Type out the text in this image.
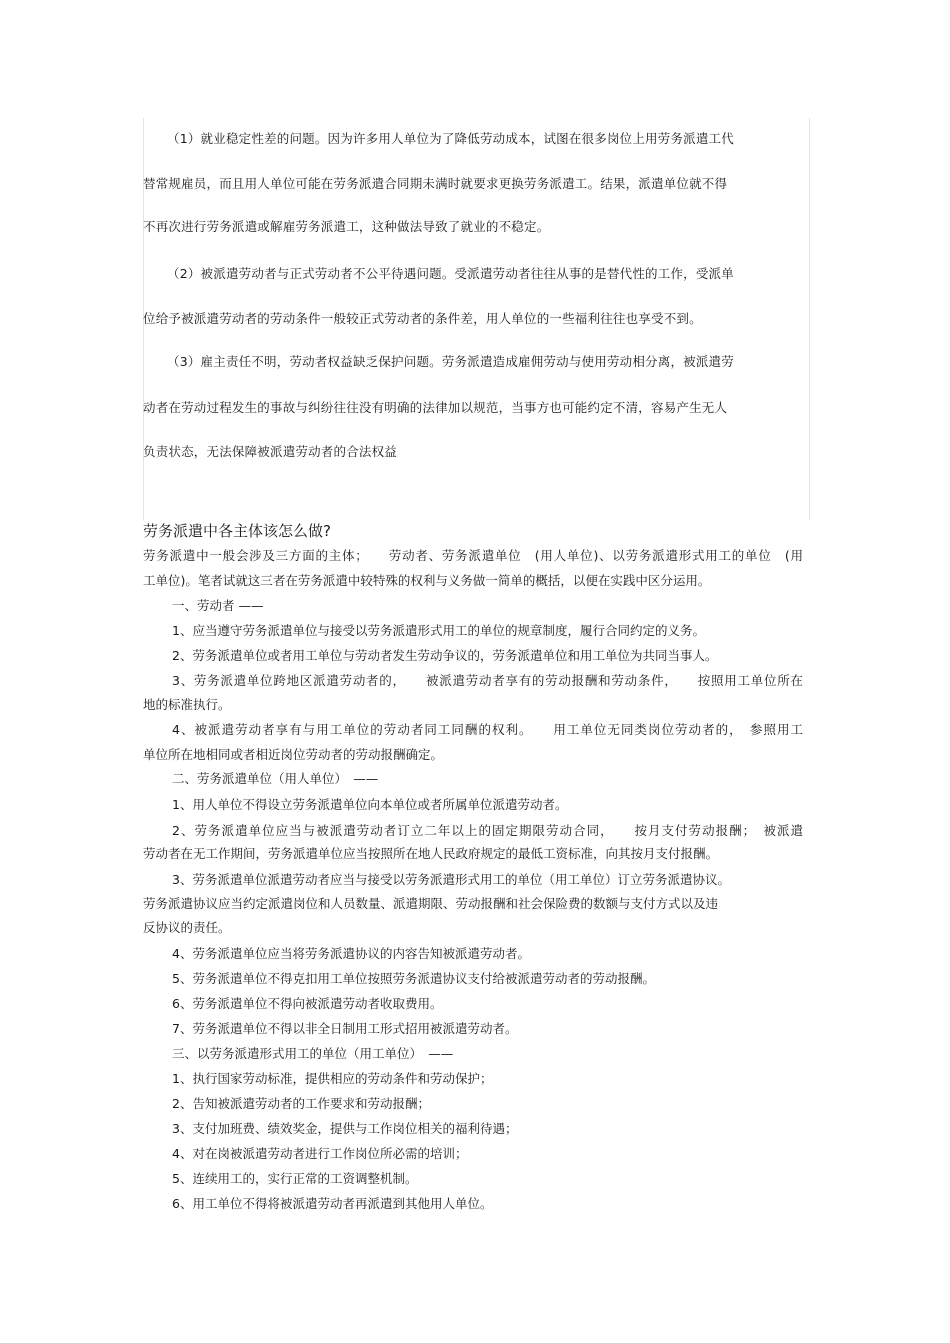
（1）就业稳定性差的问题。因为许多用人单位为了降低劳动成本，试图在很多岗位上用劳务派遣工代
替常规雇员，而且用人单位可能在劳务派遣合同期未满时就要求更换劳务派遣工。结果，派遣单位就不得
不再次进行劳务派遣或解雇劳务派遣工，这种做法导致了就业的不稳定。
（2）被派遣劳动者与正式劳动者不公平待遇问题。受派遣劳动者往往从事的是替代性的工作，受派单
位给予被派遣劳动者的劳动条件一般较正式劳动者的条件差，用人单位的一些福利往往也享受不到。
（3）雇主责任不明，劳动者权益缺乏保护问题。劳务派遣造成雇佣劳动与使用劳动相分离，被派遣劳
动者在劳动过程发生的事故与纠纷往往没有明确的法律加以规范，当事方也可能约定不清，容易产生无人
负责状态，无法保障被派遣劳动者的合法权益
劳务派遣中各主体该怎么做?
劳务派遣中一般会涉及三方面的主体；　　劳动者、劳务派遣单位　(用人单位)、以劳务派遣形式用工的单位　(用
工单位)。笔者试就这三者在劳务派遣中较特殊的权利与义务做一简单的概括，以便在实践中区分运用。
一、劳动者 ——
1、应当遵守劳务派遣单位与接受以劳务派遣形式用工的单位的规章制度，履行合同约定的义务。
2、劳务派遣单位或者用工单位与劳动者发生劳动争议的，劳务派遣单位和用工单位为共同当事人。
3、劳务派遣单位跨地区派遣劳动者的，　　被派遣劳动者享有的劳动报酬和劳动条件，　　按照用工单位所在
地的标准执行。
4、被派遣劳动者享有与用工单位的劳动者同工同酬的权利。　　用工单位无同类岗位劳动者的，　参照用工
单位所在地相同或者相近岗位劳动者的劳动报酬确定。
二、劳务派遣单位（用人单位）　——
1、用人单位不得设立劳务派遣单位向本单位或者所属单位派遣劳动者。
2、劳务派遣单位应当与被派遣劳动者订立二年以上的固定期限劳动合同，　　按月支付劳动报酬；　被派遣
劳动者在无工作期间，劳务派遣单位应当按照所在地人民政府规定的最低工资标准，向其按月支付报酬。
3、劳务派遣单位派遣劳动者应当与接受以劳务派遣形式用工的单位（用工单位）订立劳务派遣协议。
劳务派遣协议应当约定派遣岗位和人员数量、派遣期限、劳动报酬和社会保险费的数额与支付方式以及违
反协议的责任。
4、劳务派遣单位应当将劳务派遣协议的内容告知被派遣劳动者。
5、劳务派遣单位不得克扣用工单位按照劳务派遣协议支付给被派遣劳动者的劳动报酬。
6、劳务派遣单位不得向被派遣劳动者收取费用。
7、劳务派遣单位不得以非全日制用工形式招用被派遣劳动者。
三、以劳务派遣形式用工的单位（用工单位）　——
1、执行国家劳动标准，提供相应的劳动条件和劳动保护；
2、告知被派遣劳动者的工作要求和劳动报酬；
3、支付加班费、绩效奖金，提供与工作岗位相关的福利待遇；
4、对在岗被派遣劳动者进行工作岗位所必需的培训；
5、连续用工的，实行正常的工资调整机制。
6、用工单位不得将被派遣劳动者再派遣到其他用人单位。
